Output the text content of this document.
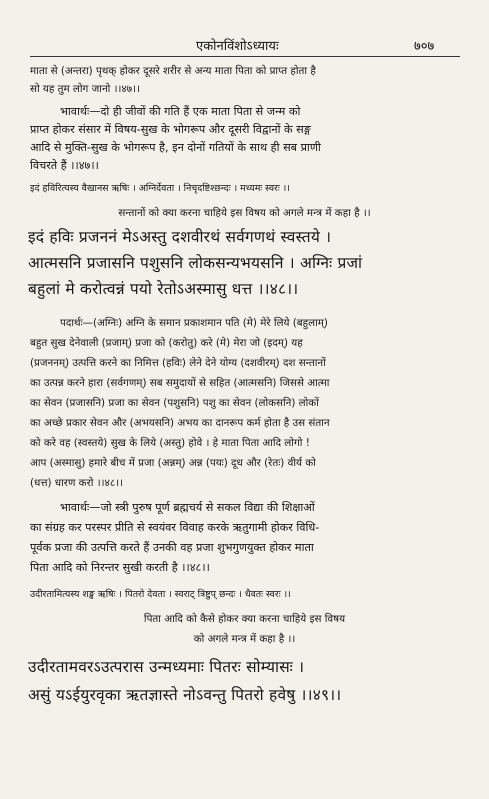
एकोनविंशोऽध्यायः	७०७
माता से (अन्तरा) पृथक् होकर दूसरे शरीर से अन्य माता पिता को प्राप्त होता है
सो यह तुम लोग जानो ।।४७।।
भावार्थः—दो ही जीवों की गति हैं एक माता पिता से जन्म को
प्राप्त होकर संसार में विषय-सुख के भोगरूप और दूसरी विद्वानों के सङ्ग
आदि से मुक्ति-सुख के भोगरूप है, इन दोनों गतियों के साथ ही सब प्राणी
विचरते हैं ।।४७।।
इदं हविरित्यस्य वैखानस ऋषिः । अग्निर्देवता । निचृदष्टिश्छन्दः । मध्यमः स्वरः ।।
सन्तानों को क्या करना चाहिये इस विषय को अगले मन्त्र में कहा है ।।
इदं हविः प्रजननं मेऽअस्तु दशवीरथं सर्वगणथं स्वस्तये ।
आत्मसनि प्रजासनि पशुसनि लोकसन्यभयसनि । अग्निः प्रजां
बहुलां मे करोत्वन्नं पयो रेतोऽअस्मासु धत्त ।।४८।।
पदार्थः—(अग्निः) अग्नि के समान प्रकाशमान पति (मे) मेरे लिये (बहुलाम्)
बहुत सुख देनेवाली (प्रजाम्) प्रजा को (करोतु) करे (मे) मेरा जो (इदम्) यह
(प्रजननम्) उत्पत्ति करने का निमित्त (हविः) लेने देने योग्य (दशवीरम्) दश सन्तानों
का उत्पन्न करने हारा (सर्वगणम्) सब समुदायों से सहित (आत्मसनि) जिससे आत्मा
का सेवन (प्रजासनि) प्रजा का सेवन (पशुसनि) पशु का सेवन (लोकसनि) लोकों
का अच्छे प्रकार सेवन और (अभयसनि) अभय का दानरूप कर्म होता है उस संतान
को करे वह (स्वस्तये) सुख के लिये (अस्तु) होवे । हे माता पिता आदि लोगो !
आप (अस्मासु) हमारे बीच में प्रजा (अन्नम्) अन्न (पयः) दूध और (रेतः) वीर्य को
(धत्त) धारण करो ।।४८।।
भावार्थः—जो स्त्री पुरुष पूर्ण ब्रह्मचर्य से सकल विद्या की शिक्षाओं
का संग्रह कर परस्पर प्रीति से स्वयंवर विवाह करके ऋतुगामी होकर विधि-
पूर्वक प्रजा की उत्पत्ति करते हैं उनकी वह प्रजा शुभगुणयुक्त होकर माता
पिता आदि को निरन्तर सुखी करती है ।।४८।।
उदीरतामित्यस्य शङ्ख ऋषिः । पितरो देवता । स्वराट् त्रिष्टुप् छन्दः । धैवतः स्वरः ।।
पिता आदि को कैसे होकर क्या करना चाहिये इस विषय
को अगले मन्त्र में कहा है ।।
उदीरतामवरऽउत्परास उन्मध्यमाः पितरः सोम्यासः ।
असुं यऽईयुरवृका ऋतज्ञास्ते नोऽवन्तु पितरो हवेषु ।।४९।।
